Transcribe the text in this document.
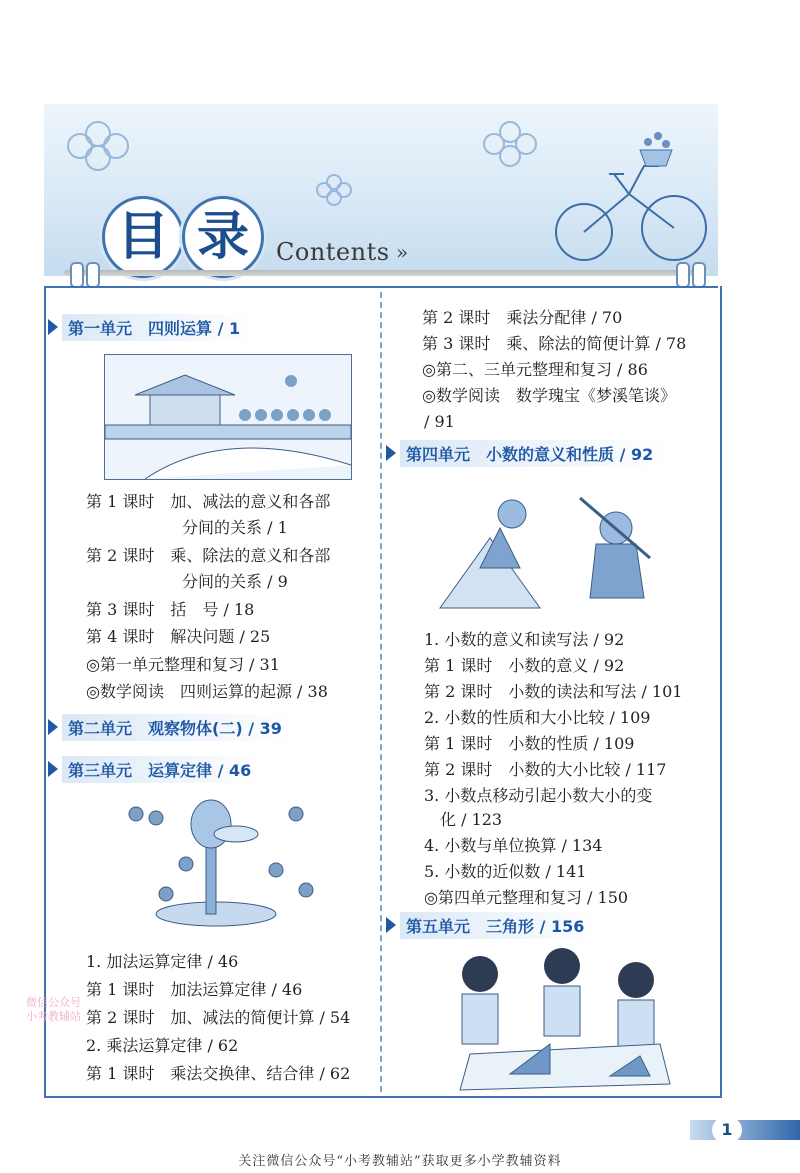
目 录	Contents »
第一单元　四则运算 / 1
第 1 课时　加、减法的意义和各部
分间的关系 / 1
第 2 课时　乘、除法的意义和各部
分间的关系 / 9
第 3 课时　括　号 / 18
第 4 课时　解决问题 / 25
◎第一单元整理和复习 / 31
◎数学阅读　四则运算的起源 / 38
第二单元　观察物体(二) / 39
第三单元　运算定律 / 46
1. 加法运算定律 / 46
第 1 课时　加法运算定律 / 46
第 2 课时　加、减法的简便计算 / 54
2. 乘法运算定律 / 62
第 1 课时　乘法交换律、结合律 / 62
第 2 课时　乘法分配律 / 70
第 3 课时　乘、除法的简便计算 / 78
◎第二、三单元整理和复习 / 86
◎数学阅读　数学瑰宝《梦溪笔谈》
/ 91
第四单元　小数的意义和性质 / 92
1. 小数的意义和读写法 / 92
第 1 课时　小数的意义 / 92
第 2 课时　小数的读法和写法 / 101
2. 小数的性质和大小比较 / 109
第 1 课时　小数的性质 / 109
第 2 课时　小数的大小比较 / 117
3. 小数点移动引起小数大小的变
化 / 123
4. 小数与单位换算 / 134
5. 小数的近似数 / 141
◎第四单元整理和复习 / 150
第五单元　三角形 / 156
微信公众号
小考教辅站
1
关注微信公众号“小考教辅站”获取更多小学教辅资料
